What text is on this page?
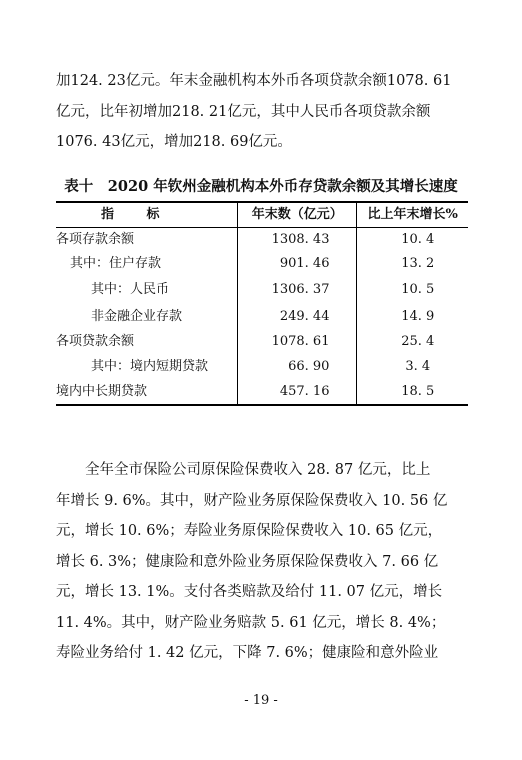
加124. 23亿元。年末金融机构本外币各项贷款余额1078. 61
亿元，比年初增加218. 21亿元，其中人民币各项贷款余额
1076. 43亿元，增加218. 69亿元。
表十　2020 年钦州金融机构本外币存贷款余额及其增长速度
指标	年末数（亿元）	比上年末增长%
各项存款余额	1308. 43	10. 4
其中：住户存款	901. 46	13. 2
其中：人民币	1306. 37	10. 5
非金融企业存款	249. 44	14. 9
各项贷款余额	1078. 61	25. 4
其中：境内短期贷款	66. 90	3. 4
境内中长期贷款	457. 16	18. 5
　　全年全市保险公司原保险保费收入 28. 87 亿元，比上
年增长 9. 6%。其中，财产险业务原保险保费收入 10. 56 亿
元，增长 10. 6%；寿险业务原保险保费收入 10. 65 亿元，
增长 6. 3%；健康险和意外险业务原保险保费收入 7. 66 亿
元，增长 13. 1%。支付各类赔款及给付 11. 07 亿元，增长
11. 4%。其中，财产险业务赔款 5. 61 亿元，增长 8. 4%；
寿险业务给付 1. 42 亿元，下降 7. 6%；健康险和意外险业
- 19 -
